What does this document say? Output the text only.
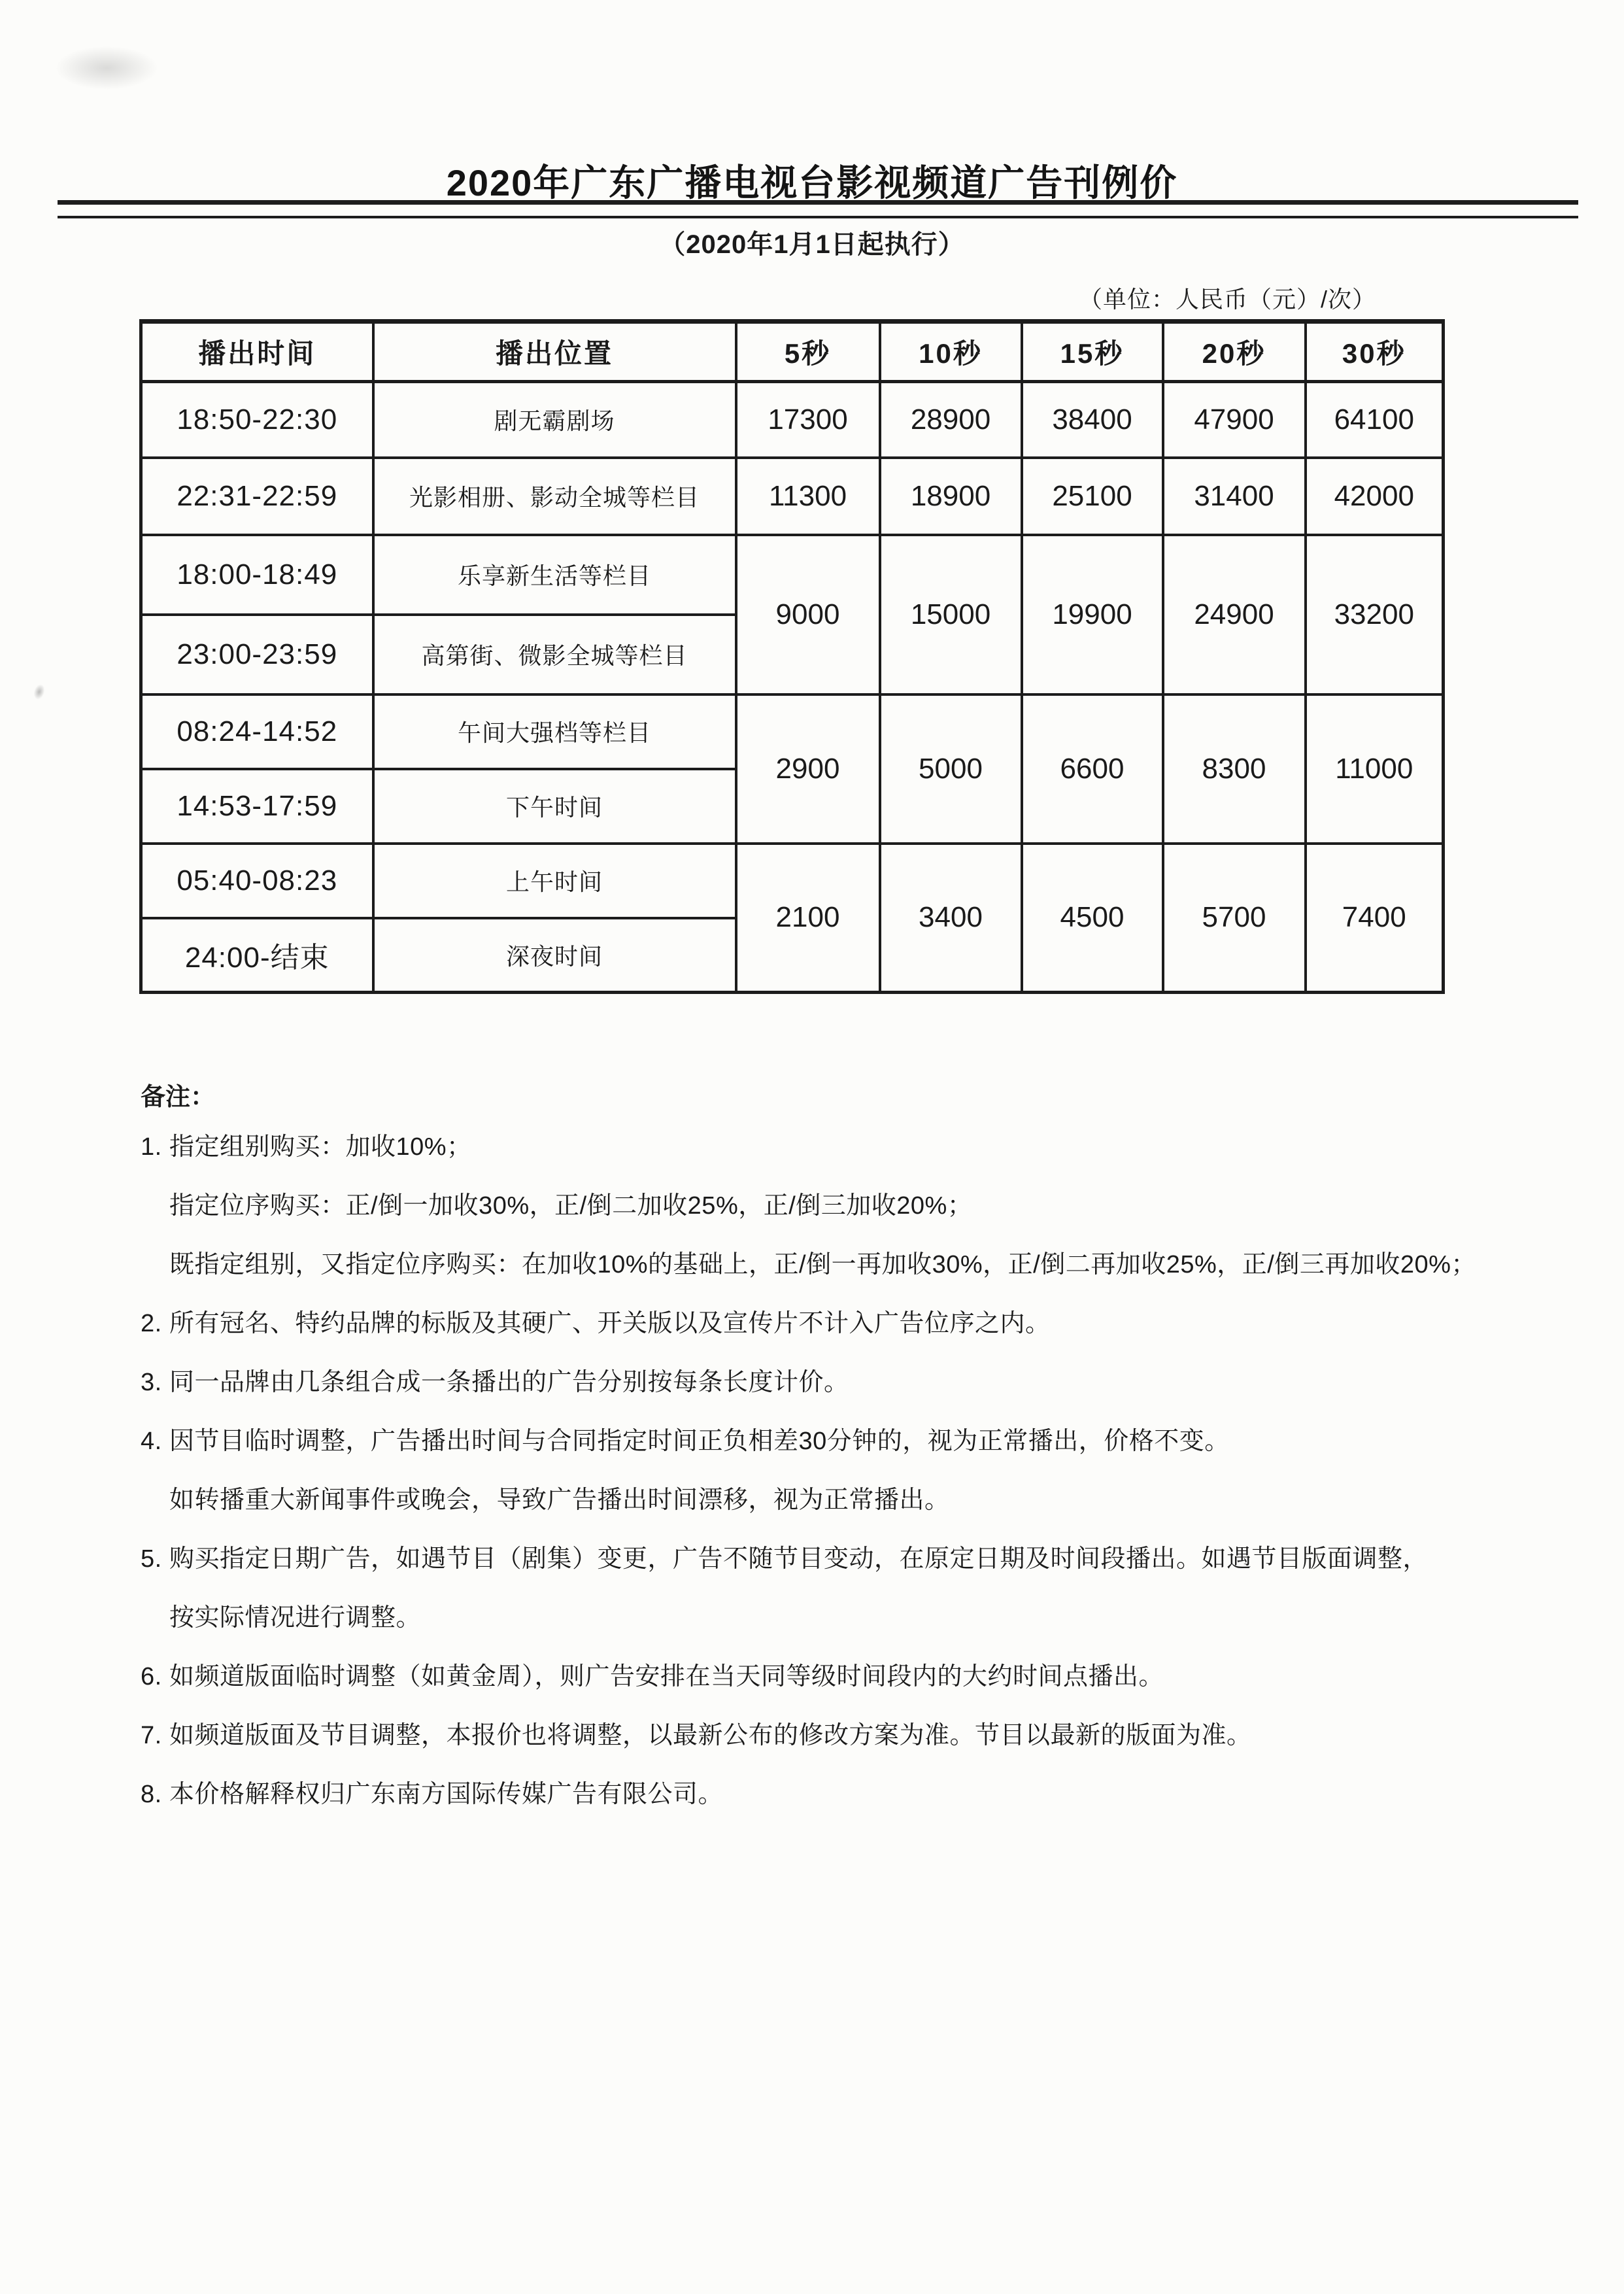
2020年广东广播电视台影视频道广告刊例价
（2020年1月1日起执行）
（单位：人民币（元）/次）
播出时间	播出位置	5秒	10秒	15秒	20秒	30秒
18:50-22:30	剧无霸剧场	17300	28900	38400	47900	64100
22:31-22:59	光影相册、影动全城等栏目	11300	18900	25100	31400	42000
18:00-18:49	乐享新生活等栏目	9000	15000	19900	24900	33200
23:00-23:59	高第街、微影全城等栏目					
08:24-14:52	午间大强档等栏目	2900	5000	6600	8300	11000
14:53-17:59	下午时间					
05:40-08:23	上午时间	2100	3400	4500	5700	7400
24:00-结束	深夜时间					
备注：
1. 指定组别购买：加收10%；
指定位序购买：正/倒一加收30%，正/倒二加收25%，正/倒三加收20%；
既指定组别，又指定位序购买：在加收10%的基础上，正/倒一再加收30%，正/倒二再加收25%，正/倒三再加收20%；
2. 所有冠名、特约品牌的标版及其硬广、开关版以及宣传片不计入广告位序之内。
3. 同一品牌由几条组合成一条播出的广告分别按每条长度计价。
4. 因节目临时调整，广告播出时间与合同指定时间正负相差30分钟的，视为正常播出，价格不变。
如转播重大新闻事件或晚会，导致广告播出时间漂移，视为正常播出。
5. 购买指定日期广告，如遇节目（剧集）变更，广告不随节目变动，在原定日期及时间段播出。如遇节目版面调整，
按实际情况进行调整。
6. 如频道版面临时调整（如黄金周），则广告安排在当天同等级时间段内的大约时间点播出。
7. 如频道版面及节目调整，本报价也将调整，以最新公布的修改方案为准。节目以最新的版面为准。
8. 本价格解释权归广东南方国际传媒广告有限公司。
